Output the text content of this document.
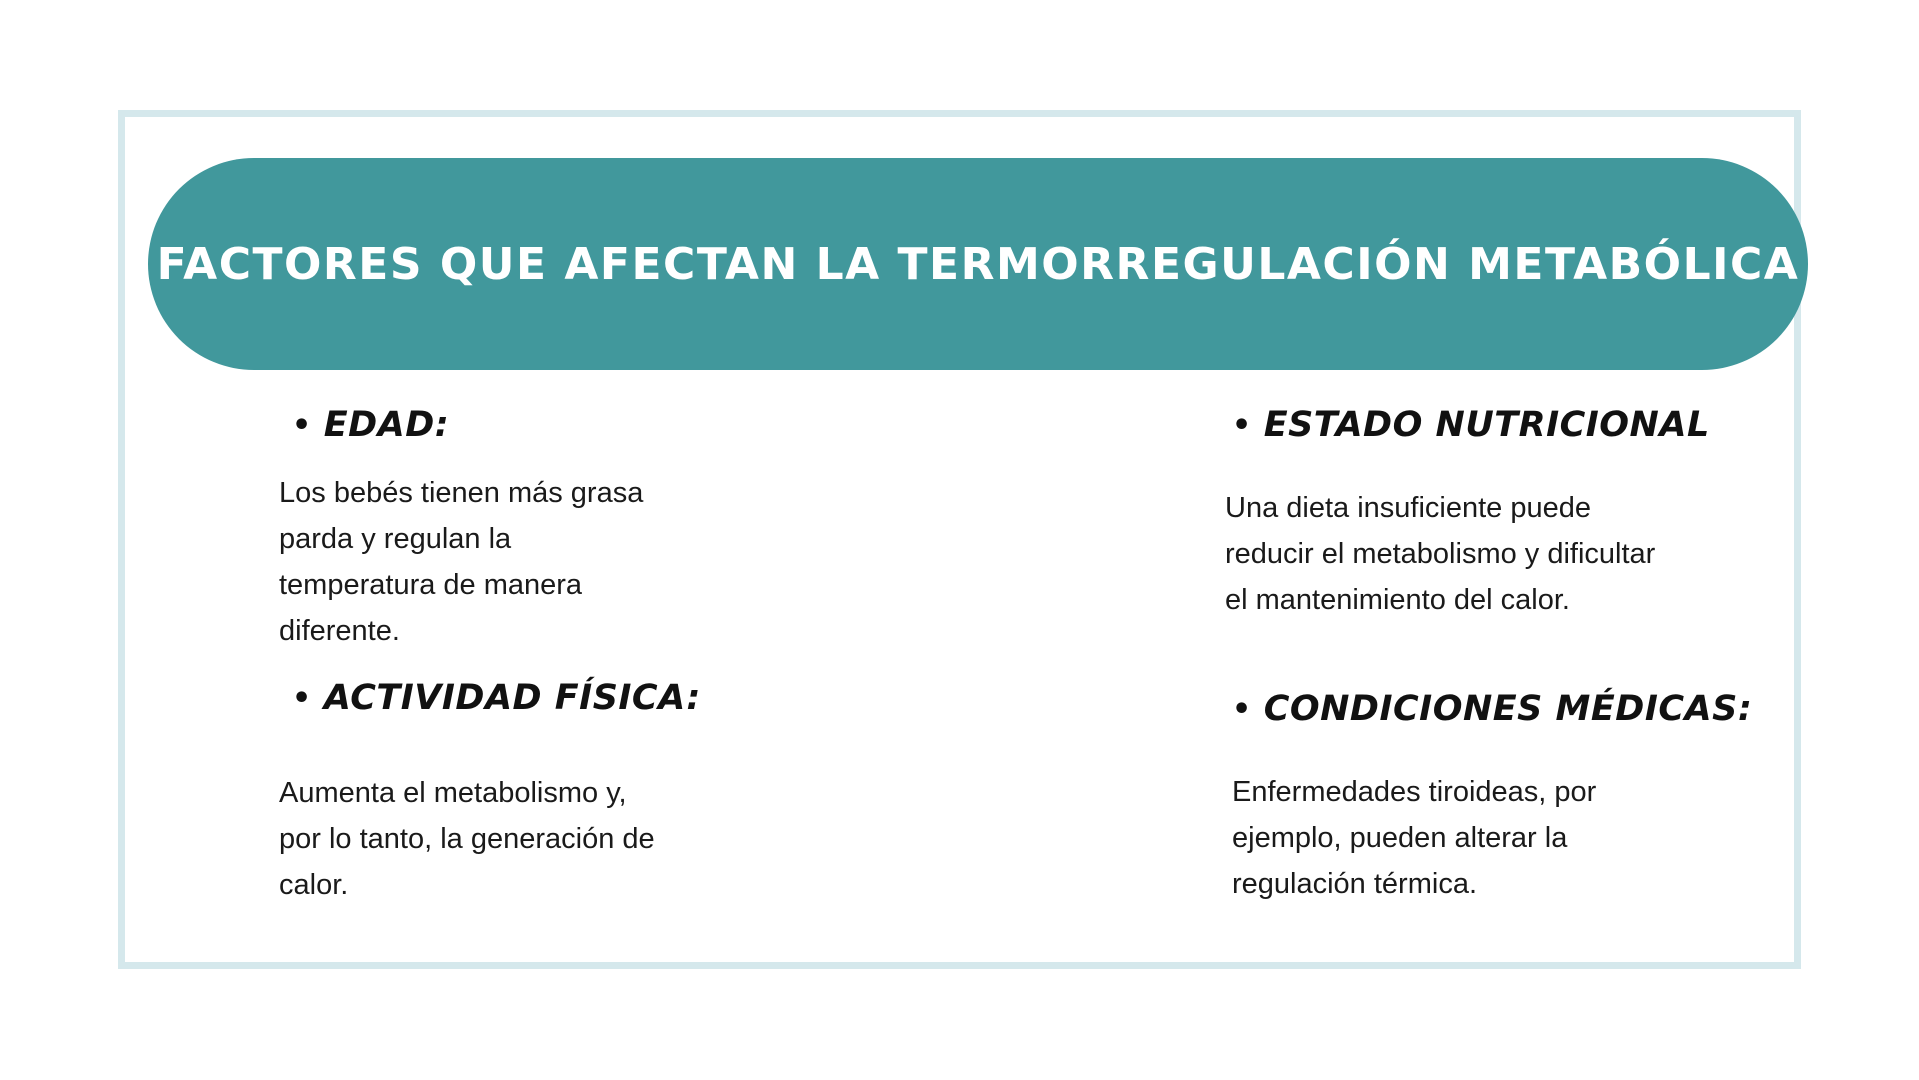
FACTORES QUE AFECTAN LA TERMORREGULACIÓN METABÓLICA
• EDAD:
Los bebés tienen más grasa
parda y regulan la
temperatura de manera
diferente.
• ACTIVIDAD FÍSICA:
Aumenta el metabolismo y,
por lo tanto, la generación de
calor.
• ESTADO NUTRICIONAL
Una dieta insuficiente puede
reducir el metabolismo y dificultar
el mantenimiento del calor.
• CONDICIONES MÉDICAS:
Enfermedades tiroideas, por
ejemplo, pueden alterar la
regulación térmica.
